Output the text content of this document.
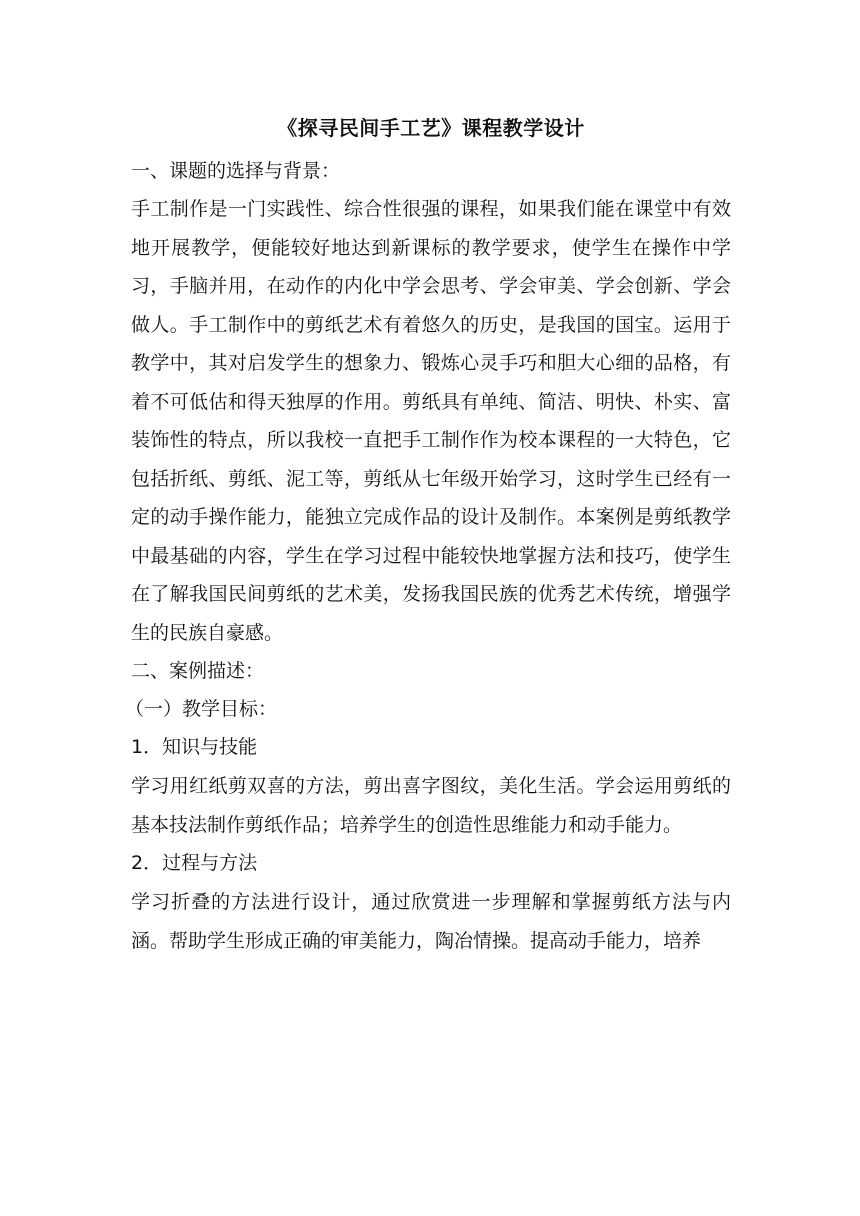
《探寻民间手工艺》课程教学设计

一、课题的选择与背景：

手工制作是一门实践性、综合性很强的课程，如果我们能在课堂中有效地开展教学，便能较好地达到新课标的教学要求，使学生在操作中学习，手脑并用，在动作的内化中学会思考、学会审美、学会创新、学会做人。手工制作中的剪纸艺术有着悠久的历史，是我国的国宝。运用于教学中，其对启发学生的想象力、锻炼心灵手巧和胆大心细的品格，有着不可低估和得天独厚的作用。剪纸具有单纯、简洁、明快、朴实、富装饰性的特点，所以我校一直把手工制作作为校本课程的一大特色，它包括折纸、剪纸、泥工等，剪纸从七年级开始学习，这时学生已经有一定的动手操作能力，能独立完成作品的设计及制作。本案例是剪纸教学中最基础的内容，学生在学习过程中能较快地掌握方法和技巧，使学生在了解我国民间剪纸的艺术美，发扬我国民族的优秀艺术传统，增强学生的民族自豪感。

二、案例描述：

（一）教学目标：

1．知识与技能

学习用红纸剪双喜的方法，剪出喜字图纹，美化生活。学会运用剪纸的基本技法制作剪纸作品；培养学生的创造性思维能力和动手能力。

2．过程与方法

学习折叠的方法进行设计，通过欣赏进一步理解和掌握剪纸方法与内涵。帮助学生形成正确的审美能力，陶冶情操。提高动手能力，培养
